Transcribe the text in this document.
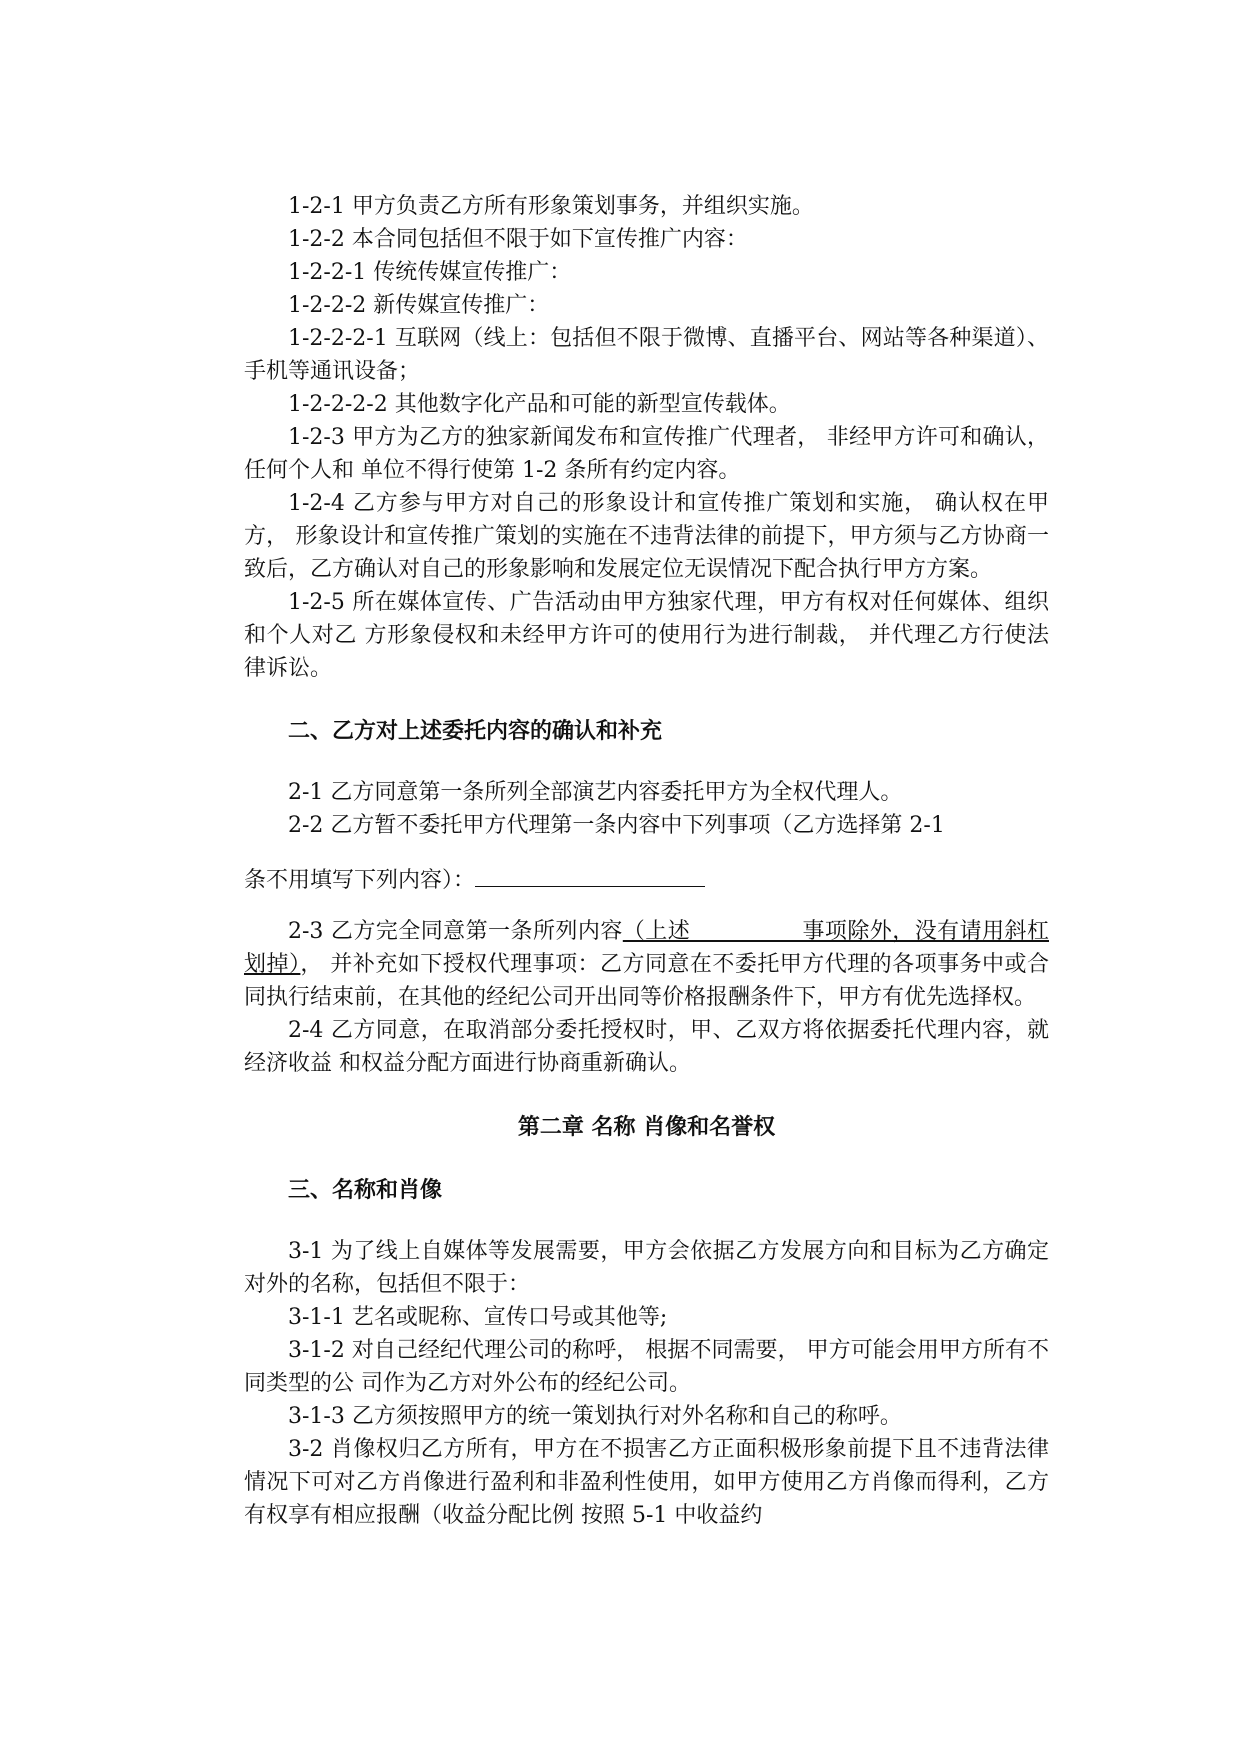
1-2-1 甲方负责乙方所有形象策划事务，并组织实施。

1-2-2 本合同包括但不限于如下宣传推广内容：

1-2-2-1 传统传媒宣传推广：

1-2-2-2 新传媒宣传推广：

1-2-2-2-1 互联网（线上：包括但不限于微博、直播平台、网站等各种渠道）、手机等通讯设备；

1-2-2-2-2 其他数字化产品和可能的新型宣传载体。

1-2-3 甲方为乙方的独家新闻发布和宣传推广代理者， 非经甲方许可和确认， 任何个人和 单位不得行使第 1-2 条所有约定内容。

1-2-4 乙方参与甲方对自己的形象设计和宣传推广策划和实施， 确认权在甲方， 形象设计和宣传推广策划的实施在不违背法律的前提下，甲方须与乙方协商一致后，乙方确认对自己的形象影响和发展定位无误情况下配合执行甲方方案。

1-2-5 所在媒体宣传、广告活动由甲方独家代理，甲方有权对任何媒体、组织和个人对乙 方形象侵权和未经甲方许可的使用行为进行制裁， 并代理乙方行使法律诉讼。

二、乙方对上述委托内容的确认和补充

2-1 乙方同意第一条所列全部演艺内容委托甲方为全权代理人。

2-2 乙方暂不委托甲方代理第一条内容中下列事项（乙方选择第 2-1

条不用填写下列内容）：

2-3 乙方完全同意第一条所列内容（上述　　　　　事项除外，没有请用斜杠划掉）， 并补充如下授权代理事项：乙方同意在不委托甲方代理的各项事务中或合同执行结束前，在其他的经纪公司开出同等价格报酬条件下，甲方有优先选择权。

2-4 乙方同意，在取消部分委托授权时，甲、乙双方将依据委托代理内容，就经济收益 和权益分配方面进行协商重新确认。

第二章 名称 肖像和名誉权

三、名称和肖像

3-1 为了线上自媒体等发展需要，甲方会依据乙方发展方向和目标为乙方确定对外的名称，包括但不限于：

3-1-1 艺名或昵称、宣传口号或其他等;

3-1-2 对自己经纪代理公司的称呼， 根据不同需要， 甲方可能会用甲方所有不同类型的公 司作为乙方对外公布的经纪公司。

3-1-3 乙方须按照甲方的统一策划执行对外名称和自己的称呼。

3-2 肖像权归乙方所有，甲方在不损害乙方正面积极形象前提下且不违背法律情况下可对乙方肖像进行盈利和非盈利性使用，如甲方使用乙方肖像而得利，乙方有权享有相应报酬（收益分配比例 按照 5-1 中收益约
